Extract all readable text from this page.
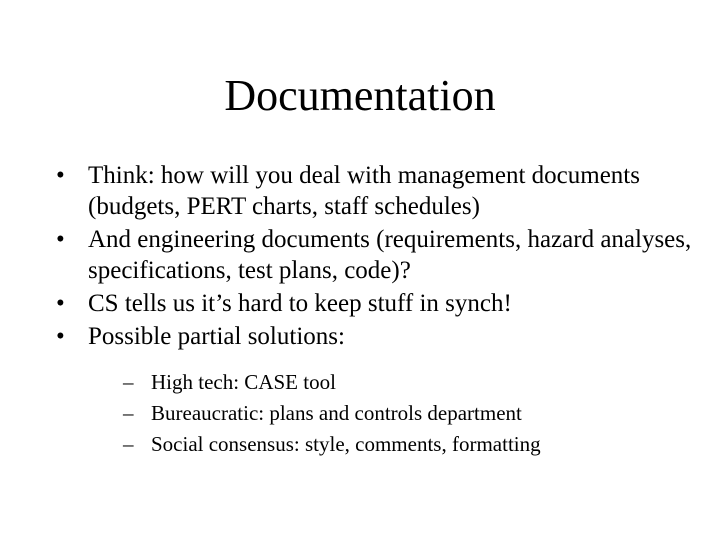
Documentation
• Think: how will you deal with management documents (budgets, PERT charts, staff schedules)
• And engineering documents (requirements, hazard analyses, specifications, test plans, code)?
• CS tells us it’s hard to keep stuff in synch!
• Possible partial solutions:
– High tech: CASE tool
– Bureaucratic: plans and controls department
– Social consensus: style, comments, formatting
